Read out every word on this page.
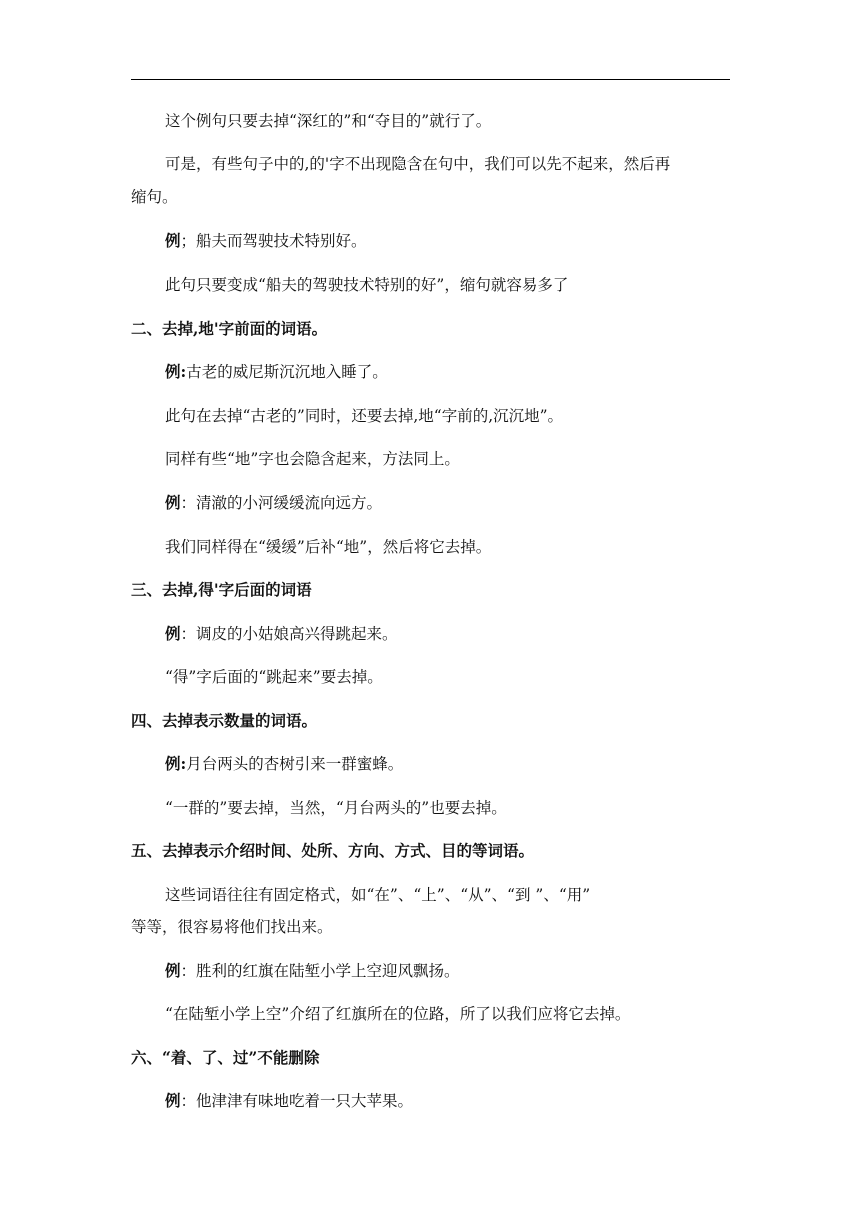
这个例句只要去掉“深红的”和“夺目的”就行了。
可是，有些句子中的,的'字不出现隐含在句中，我们可以先不起来，然后再
缩句。
例；船夫而驾驶技术特别好。
此句只要变成“船夫的驾驶技术特别的好”，缩句就容易多了
二、去掉,地'字前面的词语。
例:古老的威尼斯沉沉地入睡了。
此句在去掉“古老的”同时，还要去掉,地“字前的,沉沉地”。
同样有些“地”字也会隐含起来，方法同上。
例：清澈的小河缓缓流向远方。
我们同样得在“缓缓”后补“地”，然后将它去掉。
三、去掉,得'字后面的词语
例：调皮的小姑娘高兴得跳起来。
“得”字后面的“跳起来”要去掉。
四、去掉表示数量的词语。
例:月台两头的杏树引来一群蜜蜂。
“一群的”要去掉，当然，“月台两头的”也要去掉。
五、去掉表示介绍时间、处所、方向、方式、目的等词语。
这些词语往往有固定格式，如“在”、“上”、“从”、“到 ”、“用”
等等，很容易将他们找出来。
例：胜利的红旗在陆堑小学上空迎风飘扬。
“在陆堑小学上空”介绍了红旗所在的位路，所了以我们应将它去掉。
六、“着、了、过”不能删除
例：他津津有味地吃着一只大苹果。
